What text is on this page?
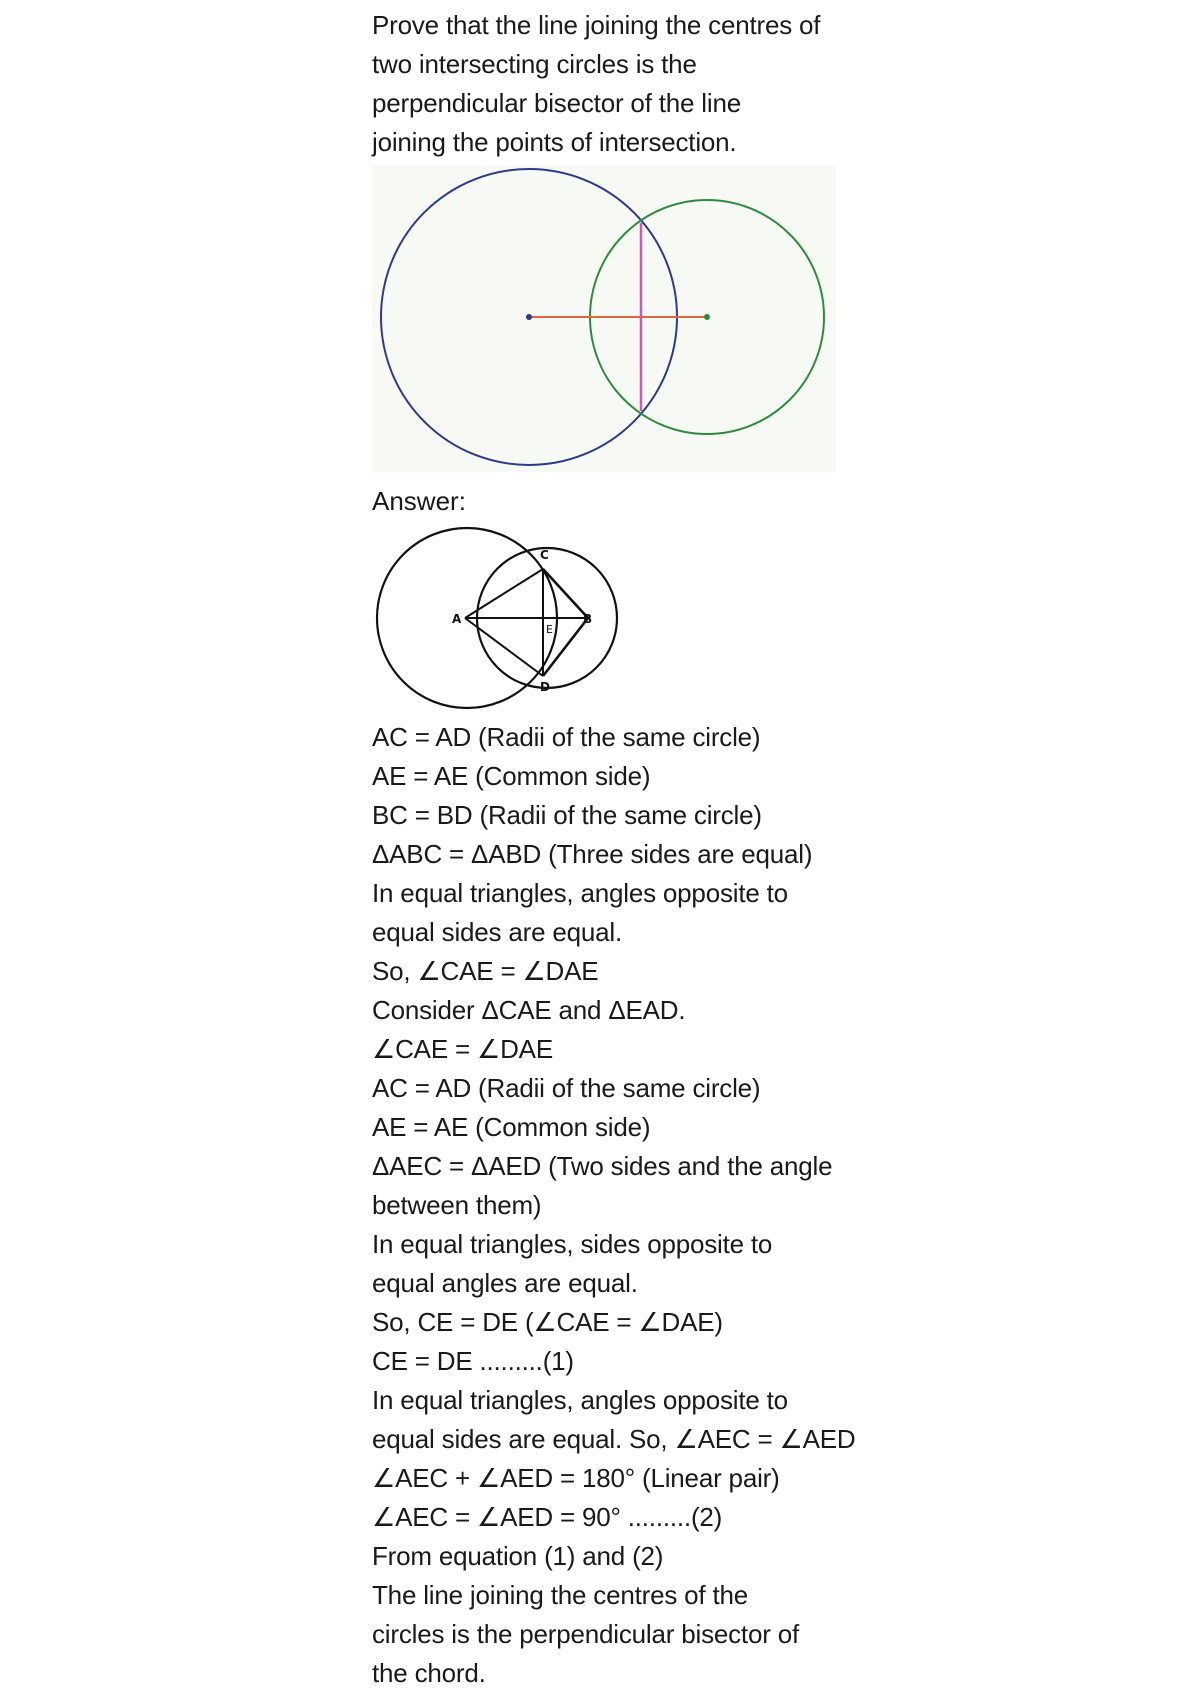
Prove that the line joining the centres of
two intersecting circles is the
perpendicular bisector of the line
joining the points of intersection.

Answer:

C
D
A	B
E
AC = AD (Radii of the same circle)
AE = AE (Common side)
BC = BD (Radii of the same circle)
ΔABC = ΔABD (Three sides are equal)
In equal triangles, angles opposite to
equal sides are equal.
So, ∠CAE = ∠DAE
Consider ΔCAE and ΔEAD.
∠CAE = ∠DAE
AC = AD (Radii of the same circle)
AE = AE (Common side)
ΔAEC = ΔAED (Two sides and the angle
between them)
In equal triangles, sides opposite to
equal angles are equal.
So, CE = DE (∠CAE = ∠DAE)
CE = DE .........(1)
In equal triangles, angles opposite to
equal sides are equal. So, ∠AEC = ∠AED
∠AEC + ∠AED = 180° (Linear pair)
∠AEC = ∠AED = 90° .........(2)
From equation (1) and (2)
The line joining the centres of the
circles is the perpendicular bisector of
the chord.
